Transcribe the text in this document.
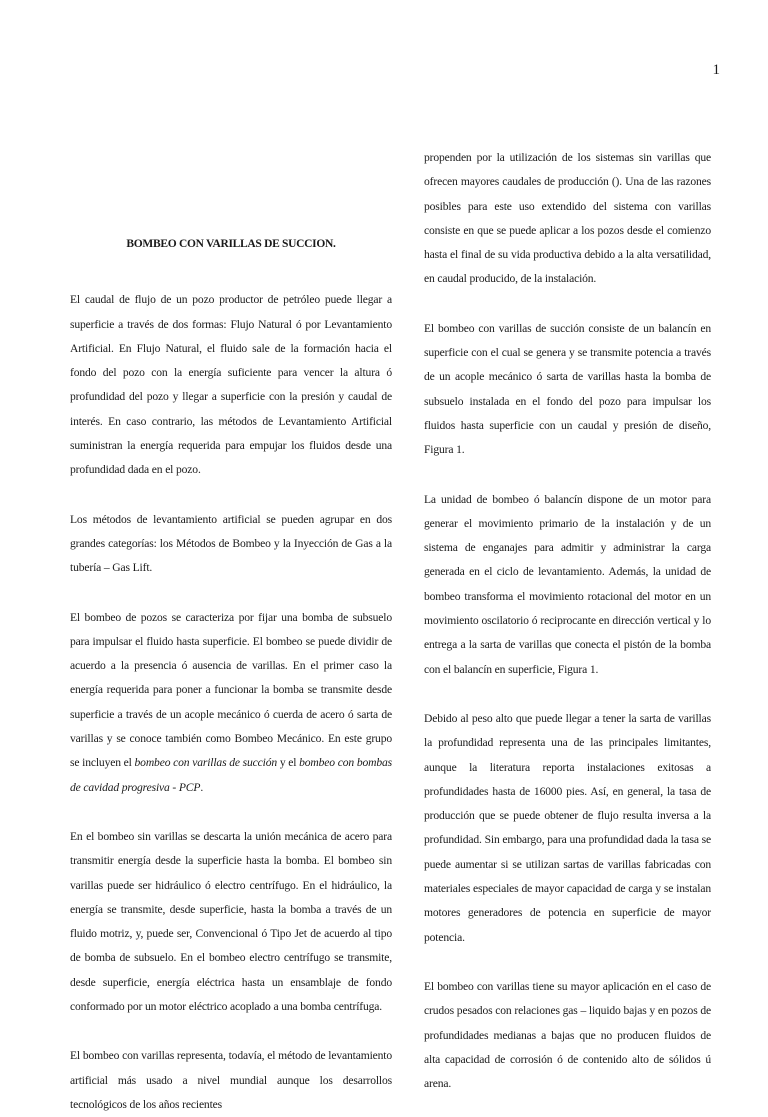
1

BOMBEO CON VARILLAS DE SUCCION.

El caudal de flujo de un pozo productor de petróleo puede llegar a superficie a través de dos formas: Flujo Natural ó por Levantamiento Artificial. En Flujo Natural, el fluido sale de la formación hacia el fondo del pozo con la energía suficiente para vencer la altura ó profundidad del pozo y llegar a superficie con la presión y caudal de interés. En caso contrario, las métodos de Levantamiento Artificial suministran la energía requerida para empujar los fluidos desde una profundidad dada en el pozo.

Los métodos de levantamiento artificial se pueden agrupar en dos grandes categorías: los Métodos de Bombeo y la Inyección de Gas a la tubería – Gas Lift.

El bombeo de pozos se caracteriza por fijar una bomba de subsuelo para impulsar el fluido hasta superficie. El bombeo se puede dividir de acuerdo a la presencia ó ausencia de varillas. En el primer caso la energía requerida para poner a funcionar la bomba se transmite desde superficie a través de un acople mecánico ó cuerda de acero ó sarta de varillas y se conoce también como Bombeo Mecánico. En este grupo se incluyen el bombeo con varillas de succión y el bombeo con bombas de cavidad progresiva - PCP.

En el bombeo sin varillas se descarta la unión mecánica de acero para transmitir energía desde la superficie hasta la bomba. El bombeo sin varillas puede ser hidráulico ó electro centrífugo. En el hidráulico, la energía se transmite, desde superficie, hasta la bomba a través de un fluido motriz, y, puede ser, Convencional ó Tipo Jet de acuerdo al tipo de bomba de subsuelo. En el bombeo electro centrífugo se transmite, desde superficie, energía eléctrica hasta un ensamblaje de fondo conformado por un motor eléctrico acoplado a una bomba centrífuga.

El bombeo con varillas representa, todavía, el método de levantamiento artificial más usado a nivel mundial aunque los desarrollos tecnológicos de los años recientes

propenden por la utilización de los sistemas sin varillas que ofrecen mayores caudales de producción (). Una de las razones posibles para este uso extendido del sistema con varillas consiste en que se puede aplicar a los pozos desde el comienzo hasta el final de su vida productiva debido a la alta versatilidad, en caudal producido, de la instalación.

El bombeo con varillas de succión consiste de un balancín en superficie con el cual se genera y se transmite potencia a través de un acople mecánico ó sarta de varillas hasta la bomba de subsuelo instalada en el fondo del pozo para impulsar los fluidos hasta superficie con un caudal y presión de diseño, Figura 1.

La unidad de bombeo ó balancín dispone de un motor para generar el movimiento primario de la instalación y de un sistema de enganajes para admitir y administrar la carga generada en el ciclo de levantamiento. Además, la unidad de bombeo transforma el movimiento rotacional del motor en un movimiento oscilatorio ó reciprocante en dirección vertical y lo entrega a la sarta de varillas que conecta el pistón de la bomba con el balancín en superficie, Figura 1.

Debido al peso alto que puede llegar a tener la sarta de varillas la profundidad representa una de las principales limitantes, aunque la literatura reporta instalaciones exitosas a profundidades hasta de 16000 pies. Así, en general, la tasa de producción que se puede obtener de flujo resulta inversa a la profundidad. Sin embargo, para una profundidad dada la tasa se puede aumentar si se utilizan sartas de varillas fabricadas con materiales especiales de mayor capacidad de carga y se instalan motores generadores de potencia en superficie de mayor potencia.

El bombeo con varillas tiene su mayor aplicación en el caso de crudos pesados con relaciones gas – liquido bajas y en pozos de profundidades medianas a bajas que no producen fluidos de alta capacidad de corrosión ó de contenido alto de sólidos ú arena.
